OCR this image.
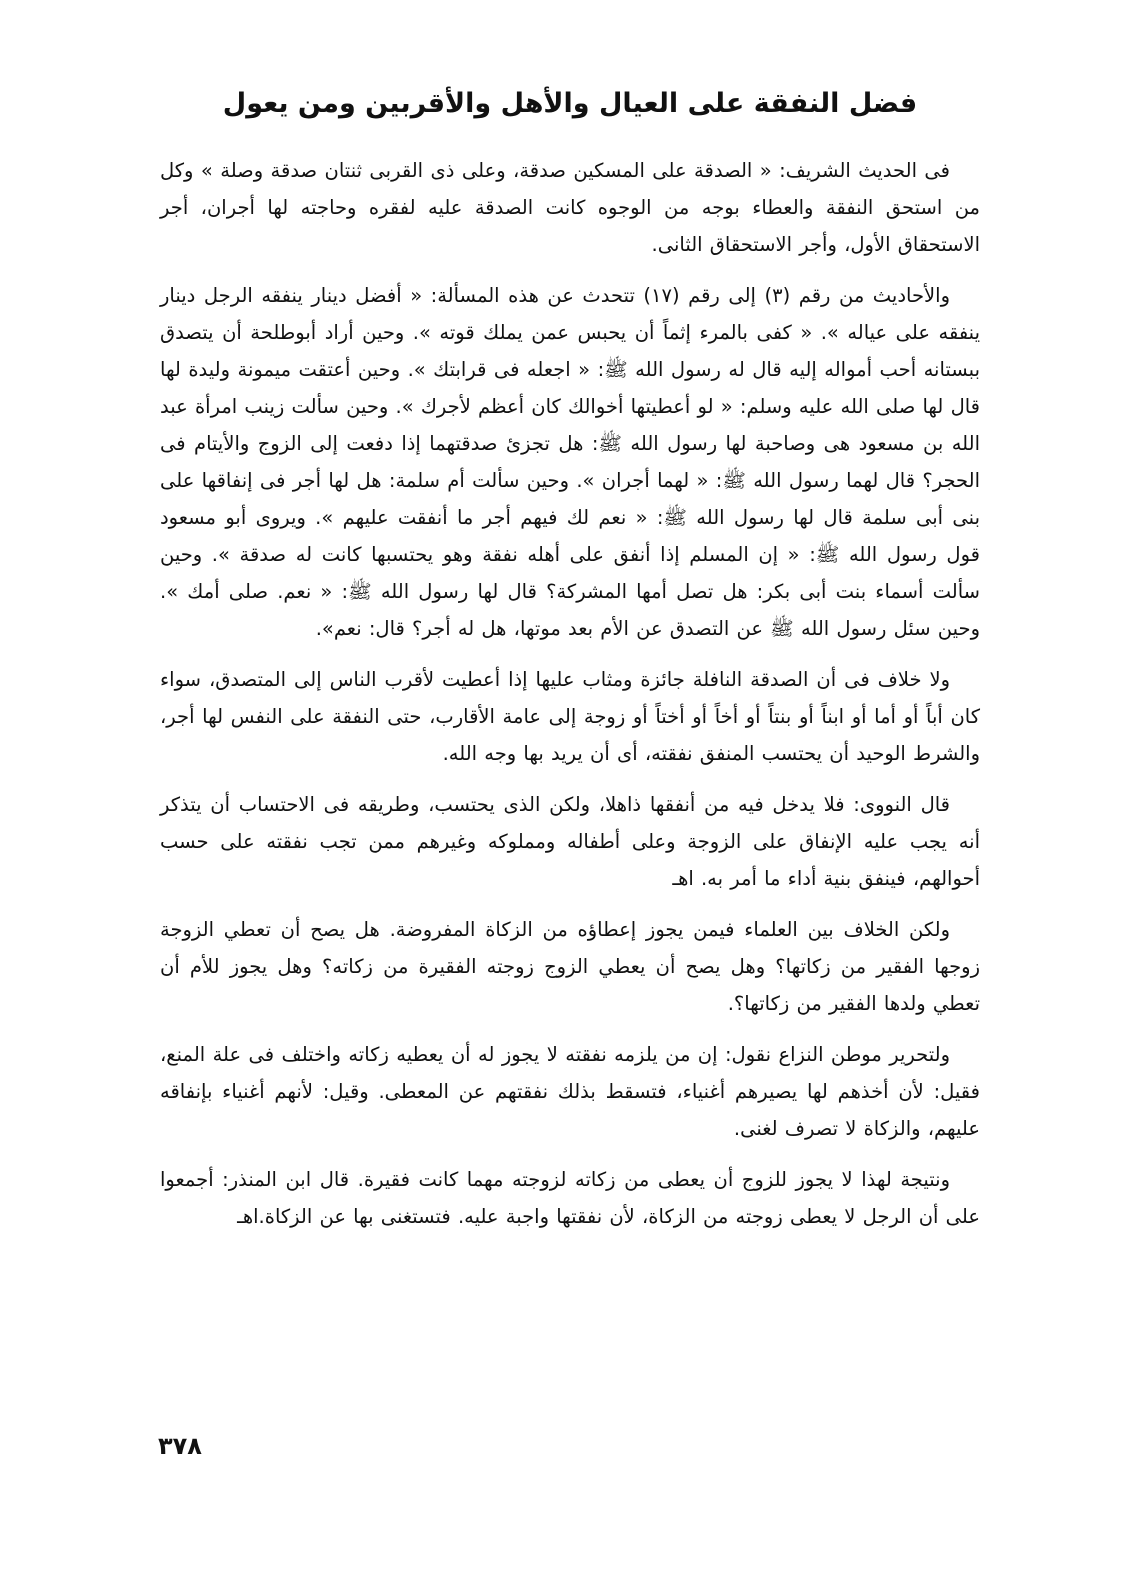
فضل النفقة على العيال والأهل والأقربين ومن يعول

فى الحديث الشريف: « الصدقة على المسكين صدقة، وعلى ذى القربى ثنتان صدقة وصلة » وكل من استحق النفقة والعطاء بوجه من الوجوه كانت الصدقة عليه لفقره وحاجته لها أجران، أجر الاستحقاق الأول، وأجر الاستحقاق الثانى.

والأحاديث من رقم (٣) إلى رقم (١٧) تتحدث عن هذه المسألة: « أفضل دينار ينفقه الرجل دينار ينفقه على عياله ». « كفى بالمرء إثماً أن يحبس عمن يملك قوته ». وحين أراد أبوطلحة أن يتصدق ببستانه أحب أمواله إليه قال له رسول الله ﷺ: « اجعله فى قرابتك ». وحين أعتقت ميمونة وليدة لها قال لها صلى الله عليه وسلم: « لو أعطيتها أخوالك كان أعظم لأجرك ». وحين سألت زينب امرأة عبد الله بن مسعود هى وصاحبة لها رسول الله ﷺ: هل تجزئ صدقتهما إذا دفعت إلى الزوج والأيتام فى الحجر؟ قال لهما رسول الله ﷺ: « لهما أجران ». وحين سألت أم سلمة: هل لها أجر فى إنفاقها على بنى أبى سلمة قال لها رسول الله ﷺ: « نعم لك فيهم أجر ما أنفقت عليهم ». ويروى أبو مسعود قول رسول الله ﷺ: « إن المسلم إذا أنفق على أهله نفقة وهو يحتسبها كانت له صدقة ». وحين سألت أسماء بنت أبى بكر: هل تصل أمها المشركة؟ قال لها رسول الله ﷺ: « نعم. صلى أمك ». وحين سئل رسول الله ﷺ عن التصدق عن الأم بعد موتها، هل له أجر؟ قال: نعم».

ولا خلاف فى أن الصدقة النافلة جائزة ومثاب عليها إذا أعطيت لأقرب الناس إلى المتصدق، سواء كان أباً أو أما أو ابناً أو بنتاً أو أخاً أو أختاً أو زوجة إلى عامة الأقارب، حتى النفقة على النفس لها أجر، والشرط الوحيد أن يحتسب المنفق نفقته، أى أن يريد بها وجه الله.

قال النووى: فلا يدخل فيه من أنفقها ذاهلا، ولكن الذى يحتسب، وطريقه فى الاحتساب أن يتذكر أنه يجب عليه الإنفاق على الزوجة وعلى أطفاله ومملوكه وغيرهم ممن تجب نفقته على حسب أحوالهم، فينفق بنية أداء ما أمر به. اهـ

ولكن الخلاف بين العلماء فيمن يجوز إعطاؤه من الزكاة المفروضة. هل يصح أن تعطي الزوجة زوجها الفقير من زكاتها؟ وهل يصح أن يعطي الزوج زوجته الفقيرة من زكاته؟ وهل يجوز للأم أن تعطي ولدها الفقير من زكاتها؟.

ولتحرير موطن النزاع نقول: إن من يلزمه نفقته لا يجوز له أن يعطيه زكاته واختلف فى علة المنع، فقيل: لأن أخذهم لها يصيرهم أغنياء، فتسقط بذلك نفقتهم عن المعطى. وقيل: لأنهم أغنياء بإنفاقه عليهم، والزكاة لا تصرف لغنى.

ونتيجة لهذا لا يجوز للزوج أن يعطى من زكاته لزوجته مهما كانت فقيرة. قال ابن المنذر: أجمعوا على أن الرجل لا يعطى زوجته من الزكاة، لأن نفقتها واجبة عليه. فتستغنى بها عن الزكاة.اهـ

٣٧٨
